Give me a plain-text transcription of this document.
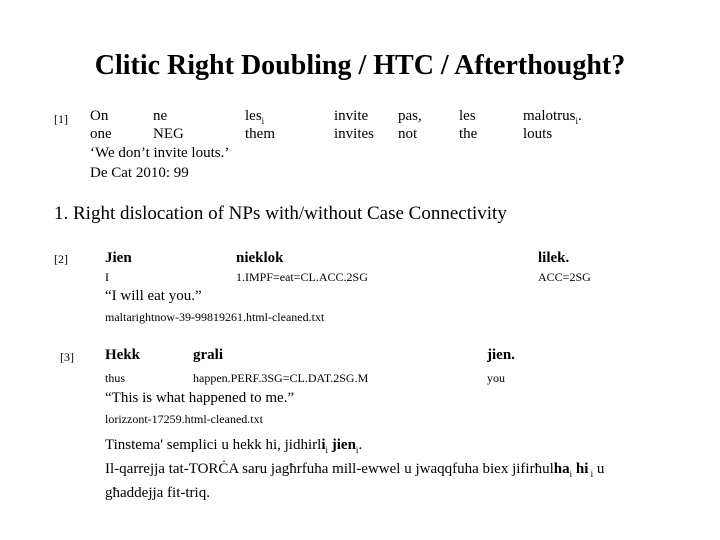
Clitic Right Doubling / HTC / Afterthought?
[1] On
one
ne
NEG
les$_i$
them
invite
invites
pas,
not
les
the
malotrus$_i$.
louts
‘We don’t invite louts.’
De Cat 2010: 99
1. Right dislocation of NPs with/without Case Connectivity
[2] Jien
I
nieklok
1.IMPF=eat=CL.ACC.2SG
lilek.
ACC=2SG
“I will eat you.”
maltarightnow-39-99819261.html-cleaned.txt
[3] Hekk
thus
grali
happen.PERF.3SG=CL.DAT.2SG.M
jien.
you
“This is what happened to me.”
lorizzont-17259.html-cleaned.txt
Tinstema' semplici u hekk hi, jidhirli$_i$ jien$_i$.
Il-qarrejja tat-TORĊA saru jagħrfuha mill-ewwel u jwaqqfuha biex jifirħulha$_i$ hi $_i$ u
għaddejja fit-triq.
